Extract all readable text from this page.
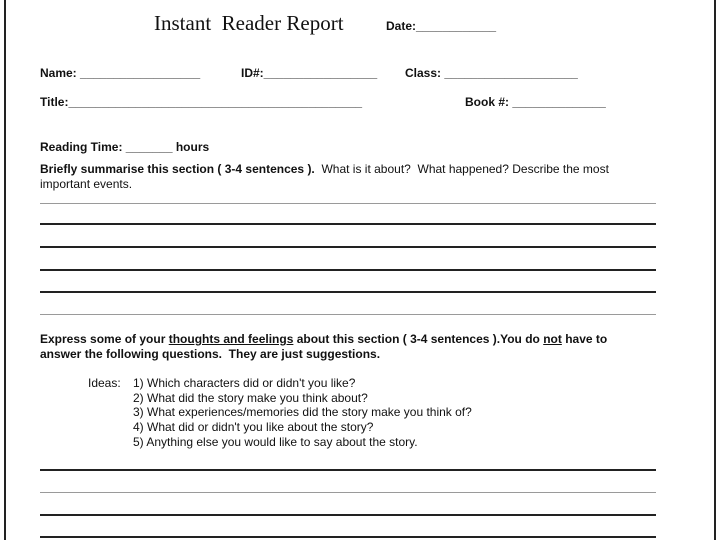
Instant  Reader Report	Date:____________
Name: __________________	ID#:_________________ Class: ____________________
Title:____________________________________________	Book #: ______________
Reading Time: _______ hours
Briefly summarise this section ( 3-4 sentences ).  What is it about?  What happened? Describe the most
important events.
Express some of your thoughts and feelings about this section ( 3-4 sentences ).You do not have to
answer the following questions.  They are just suggestions.
Ideas: 1) Which characters did or didn't you like?
2) What did the story make you think about?
3) What experiences/memories did the story make you think of?
4) What did or didn't you like about the story?
5) Anything else you would like to say about the story.
